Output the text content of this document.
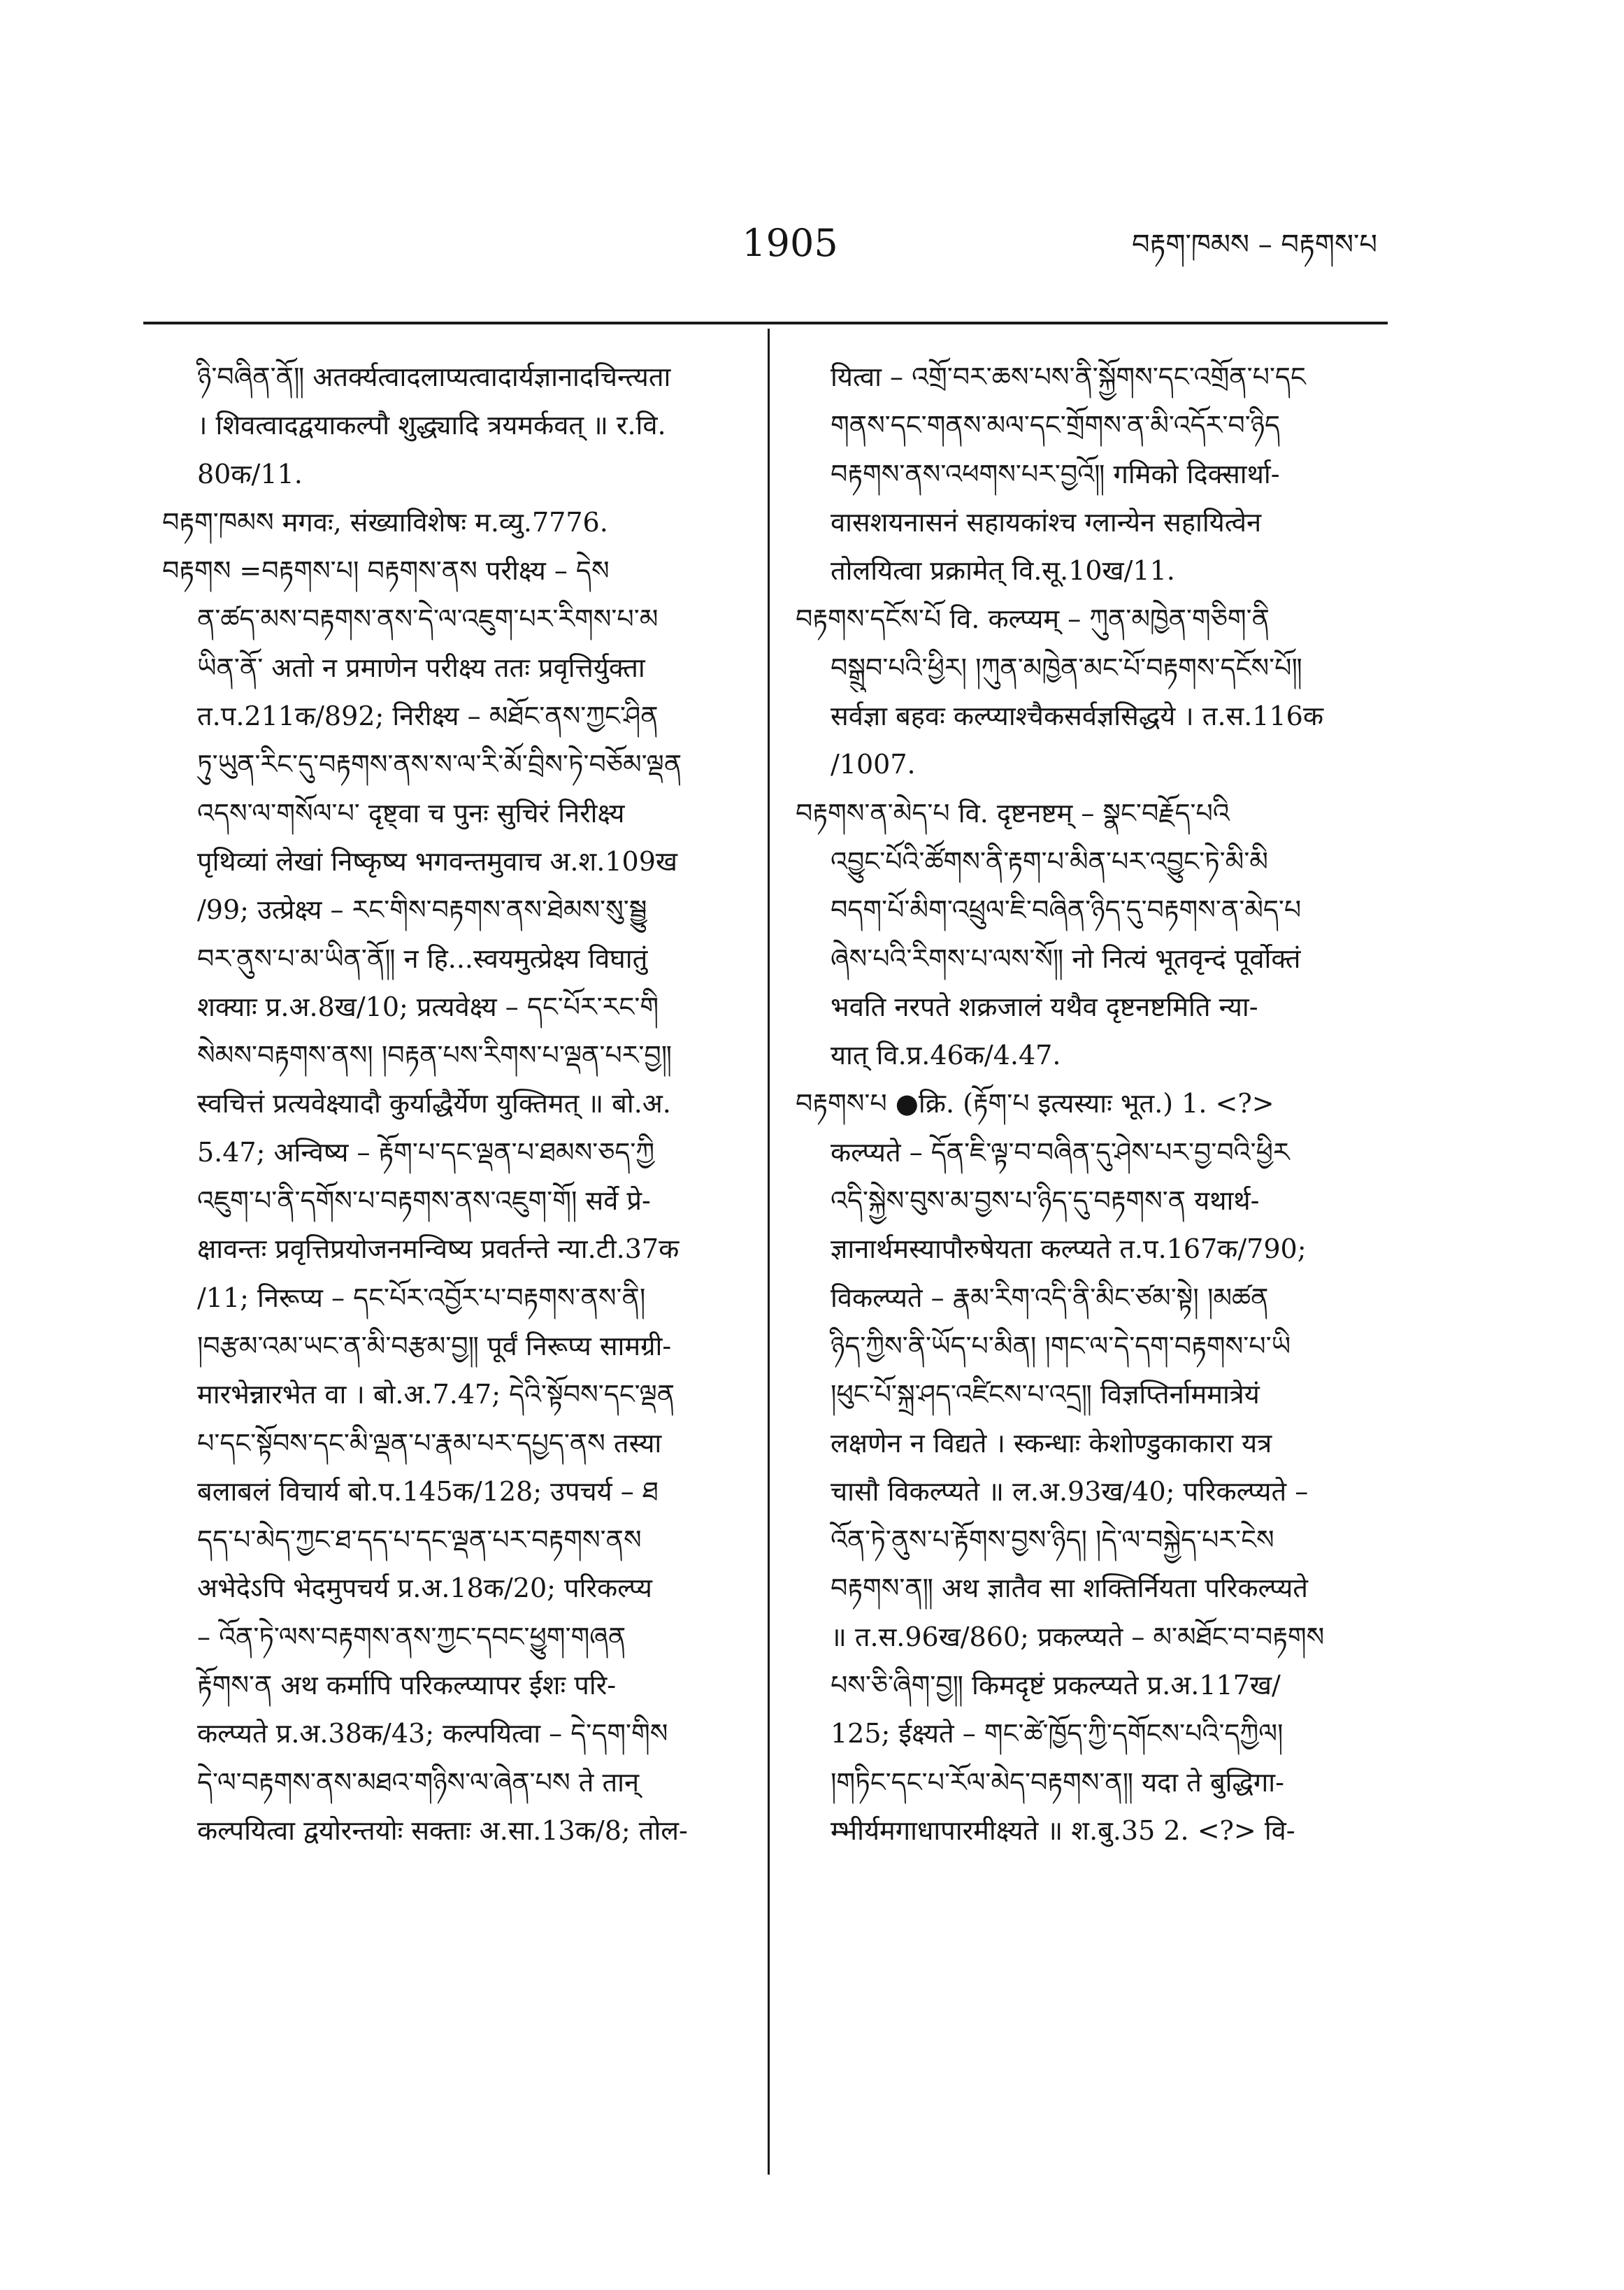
1905	བརྟག་ཁམས – བརྟགས་པ
ཉི་བཞིན་ནོ༎ अतर्क्यत्वादलाप्यत्वादार्यज्ञानादचिन्त्यता
। शिवत्वादद्वयाकल्पौ शुद्ध्यादि त्रयमर्कवत् ॥ र.वि.
80क/11.
བརྟག་ཁམས मगवः, संख्याविशेषः म.व्यु.7776.
བརྟགས =བརྟགས་པ། བརྟགས་ནས परीक्ष्य – དེས
ན་ཚད་མས་བརྟགས་ནས་དེ་ལ་འཇུག་པར་རིགས་པ་མ
ཡིན་ནོ་ अतो न प्रमाणेन परीक्ष्य ततः प्रवृत्तिर्युक्ता
त.प.211क/892; निरीक्ष्य – མཐོང་ནས་ཀྱང་ཤིན
ཏུ་ཡུན་རིང་དུ་བརྟགས་ནས་ས་ལ་རི་མོ་བྲིས་ཏེ་བཅོམ་ལྡན
འདས་ལ་གསོལ་པ་ दृष्ट्वा च पुनः सुचिरं निरीक्ष्य
पृथिव्यां लेखां निष्कृष्य भगवन्तमुवाच अ.श.109ख
/99; उत्प्रेक्ष्य – རང་གིས་བརྟགས་ནས་ཐེམས་སུ་སྦྱུ
བར་ནུས་པ་མ་ཡིན་ནོ༎ न हि...स्वयमुत्प्रेक्ष्य विघातुं
शक्याः प्र.अ.8ख/10; प्रत्यवेक्ष्य – དང་པོར་རང་གི
སེམས་བརྟགས་ནས། །བརྟན་པས་རིགས་པ་ལྡན་པར་བྱ༎
स्वचित्तं प्रत्यवेक्ष्यादौ कुर्याद्धैर्येण युक्तिमत् ॥ बो.अ.
5.47; अन्विष्य – རྟོག་པ་དང་ལྡན་པ་ཐམས་ཅད་ཀྱི
འཇུག་པ་ནི་དགོས་པ་བརྟགས་ནས་འཇུག་གོ། सर्वे प्रे-
क्षावन्तः प्रवृत्तिप्रयोजनमन्विष्य प्रवर्तन्ते न्या.टी.37क
/11; निरूप्य – དང་པོར་འབྱོར་པ་བརྟགས་ནས་ནི།
།བརྩམ་འམ་ཡང་ན་མི་བརྩམ་བྱ༎ पूर्वं निरूप्य सामग्री-
मारभेन्नारभेत वा । बो.अ.7.47; དེའི་སྟོབས་དང་ལྡན
པ་དང་སྟོབས་དང་མི་ལྡན་པ་རྣམ་པར་དཔྱད་ནས तस्या
बलाबलं विचार्य बो.प.145क/128; उपचर्य – ཐ
དད་པ་མེད་ཀྱང་ཐ་དད་པ་དང་ལྡན་པར་བརྟགས་ནས
अभेदेऽपि भेदमुपचर्य प्र.अ.18क/20; परिकल्प्य
– འོན་ཏེ་ལས་བརྟགས་ནས་ཀྱང་དབང་ཕྱུག་གཞན
རྟོགས་ན अथ कर्मापि परिकल्प्यापर ईशः परि-
कल्प्यते प्र.अ.38क/43; कल्पयित्वा – དེ་དག་གིས
དེ་ལ་བརྟགས་ནས་མཐའ་གཉིས་ལ་ཞེན་པས ते तान्
कल्पयित्वा द्वयोरन्तयोः सक्ताः अ.सा.13क/8; तोल-
यित्वा – འགྲོ་བར་ཆས་པས་ནི་སྐྱོགས་དང་འགྲོན་པ་དང
གནས་དང་གནས་མལ་དང་གྲོགས་ན་མི་འདོར་བ་ཉིད
བརྟགས་ནས་འཕགས་པར་བྱའོ༎ गमिको दिक्सार्था-
वासशयनासनं सहायकांश्च ग्लान्येन सहायित्वेन
तोलयित्वा प्रक्रामेत् वि.सू.10ख/11.
བརྟགས་དངོས་པོ वि. कल्प्यम् – ཀུན་མཁྱེན་གཅིག་ནི
བསྒྲུབ་པའི་ཕྱིར། །ཀུན་མཁྱེན་མང་པོ་བརྟགས་དངོས་པོ༎
सर्वज्ञा बहवः कल्प्याश्चैकसर्वज्ञसिद्धये । त.स.116क
/1007.
བརྟགས་ན་མེད་པ वि. दृष्टनष्टम् – སྣང་བརྗོད་པའི
འབྱུང་པོའི་ཚོགས་ནི་རྟག་པ་མིན་པར་འབྱུང་ཏེ་མི་མི
བདག་པོ་མིག་འཕྲུལ་ཇི་བཞིན་ཉིད་དུ་བརྟགས་ན་མེད་པ
ཞེས་པའི་རིགས་པ་ལས་སོ༎ नो नित्यं भूतवृन्दं पूर्वोक्तं
भवति नरपते शक्रजालं यथैव दृष्टनष्टमिति न्या-
यात् वि.प्र.46क/4.47.
བརྟགས་པ ●क्रि. (རྟོག་པ इत्यस्याः भूत.) 1. <?>
कल्प्यते – དོན་ཇི་ལྟ་བ་བཞིན་དུ་ཤེས་པར་བྱ་བའི་ཕྱིར
འདི་སྐྱེས་བུས་མ་བྱས་པ་ཉིད་དུ་བརྟགས་ན यथार्थ-
ज्ञानार्थमस्यापौरुषेयता कल्प्यते त.प.167क/790;
विकल्प्यते – རྣམ་རིག་འདི་ནི་མིང་ཙམ་སྟེ། །མཚན
ཉིད་ཀྱིས་ནི་ཡོད་པ་མིན། །གང་ལ་དེ་དག་བརྟགས་པ་ཡི
།ཕུང་པོ་སྐྲ་ཤད་འཛིངས་པ་འདྲ༎ विज्ञप्तिर्नाममात्रेयं
लक्षणेन न विद्यते । स्कन्धाः केशोण्डुकाकारा यत्र
चासौ विकल्प्यते ॥ ल.अ.93ख/40; परिकल्प्यते –
འོན་ཏེ་ནུས་པ་རྟོགས་བྱས་ཉིད། །དེ་ལ་བསྐྱེད་པར་ངེས
བརྟགས་ན༎ अथ ज्ञातैव सा शक्तिर्नियता परिकल्प्यते
॥ त.स.96ख/860; प्रकल्प्यते – མ་མཐོང་བ་བརྟགས
པས་ཅི་ཞིག་བྱ༎ किमदृष्टं प्रकल्प्यते प्र.अ.117ख/
125; ईक्ष्यते – གང་ཚེ་ཁྱོད་ཀྱི་དགོངས་པའི་དཀྱིལ།
།གཏིང་དང་པ་རོལ་མེད་བརྟགས་ན༎ यदा ते बुद्धिगा-
म्भीर्यमगाधापारमीक्ष्यते ॥ श.बु.35 2. <?> वि-
